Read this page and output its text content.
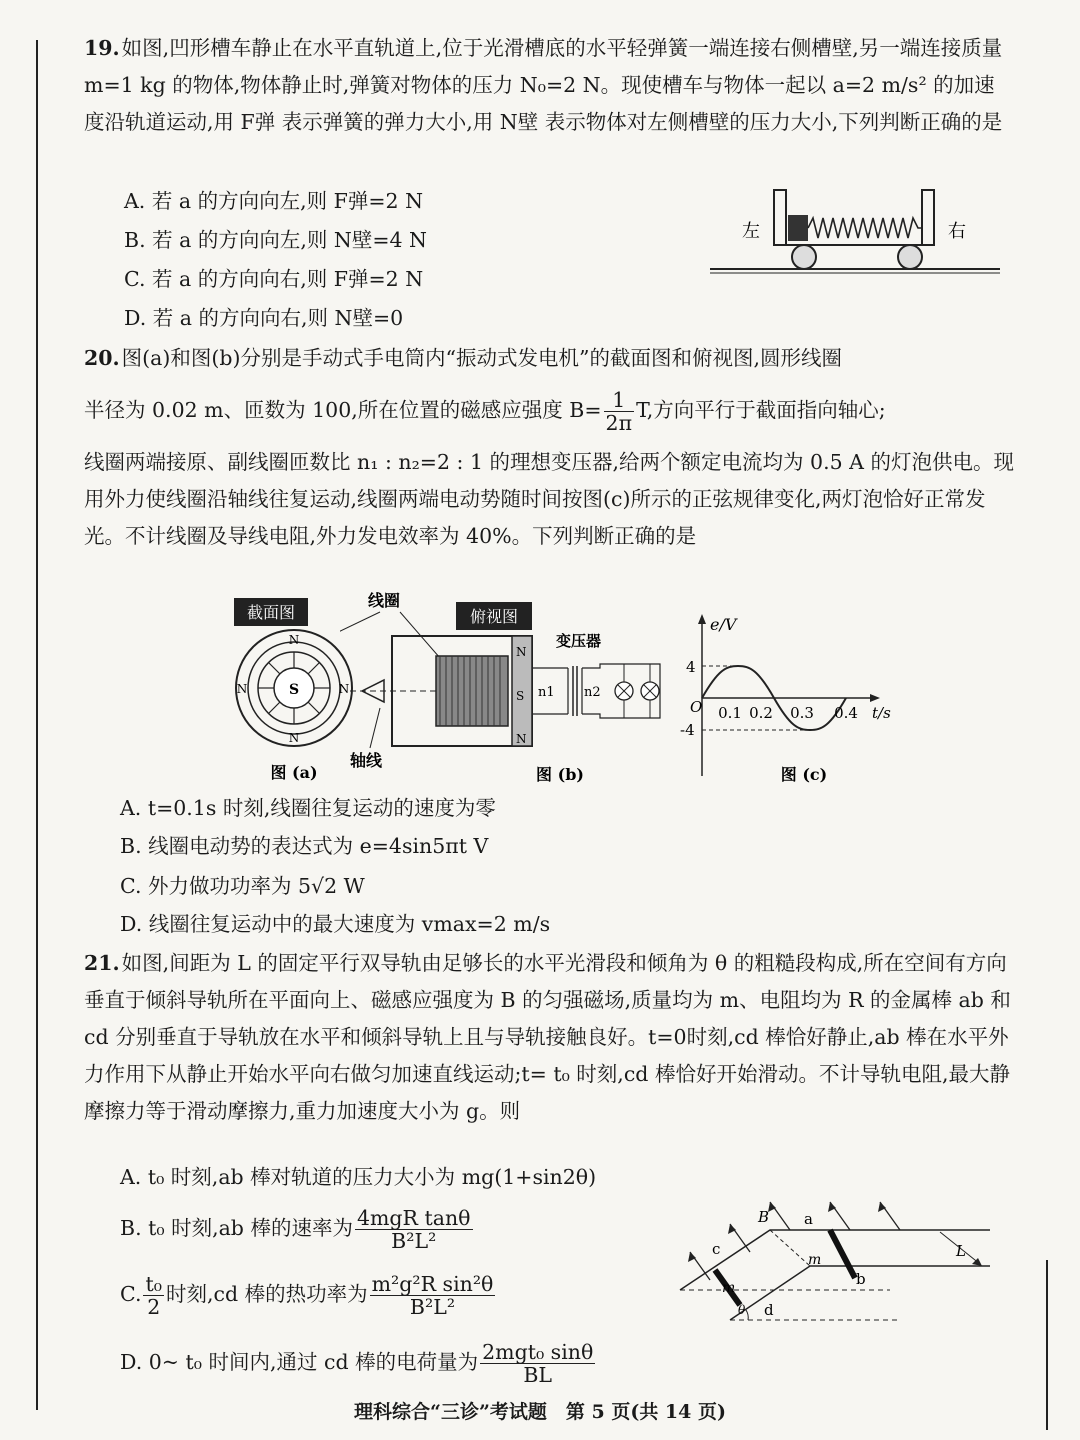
19.如图,凹形槽车静止在水平直轨道上,位于光滑槽底的水平轻弹簧一端连接右侧槽壁,另一端连接质量 m=1 kg 的物体,物体静止时,弹簧对物体的压力 N₀=2 N。现使槽车与物体一起以 a=2 m/s² 的加速度沿轨道运动,用 F弹 表示弹簧的弹力大小,用 N壁 表示物体对左侧槽壁的压力大小,下列判断正确的是
A. 若 a 的方向向左,则 F弹=2 N
B. 若 a 的方向向左,则 N壁=4 N
C. 若 a 的方向向右,则 F弹=2 N
D. 若 a 的方向向右,则 N壁=0
左	右
20.图(a)和图(b)分别是手动式手电筒内“振动式发电机”的截面图和俯视图,圆形线圈
半径为 0.02 m、匝数为 100,所在位置的磁感应强度 $B= \frac{1}{2\pi} T$,方向平行于截面指向轴心;
线圈两端接原、副线圈匝数比 n₁ : n₂=2 : 1 的理想变压器,给两个额定电流均为 0.5 A 的灯泡供电。现用外力使线圈沿轴线往复运动,线圈两端电动势随时间按图(c)所示的正弦规律变化,两灯泡恰好正常发光。不计线圈及导线电阻,外力发电效率为 40%。下列判断正确的是
截面图
S
N
N
N	N
图 (a)
线圈
俯视图
轴线
N
N
S
变压器
n1 n2
图 (b)
e/V
t/s
O
4
-4
0.1 0.2 0.3 0.4
图 (c)
A. t=0.1s 时刻,线圈往复运动的速度为零
B. 线圈电动势的表达式为 e=4sin5πt V
C. 外力做功功率为 5√2 W
D. 线圈往复运动中的最大速度为 vmax=2 m/s
21.如图,间距为 L 的固定平行双导轨由足够长的水平光滑段和倾角为 θ 的粗糙段构成,所在空间有方向垂直于倾斜导轨所在平面向上、磁感应强度为 B 的匀强磁场,质量均为 m、电阻均为 R 的金属棒 ab 和 cd 分别垂直于导轨放在水平和倾斜导轨上且与导轨接触良好。t=0时刻,cd 棒恰好静止,ab 棒在水平外力作用下从静止开始水平向右做匀加速直线运动;t= t₀ 时刻,cd 棒恰好开始滑动。不计导轨电阻,最大静摩擦力等于滑动摩擦力,重力加速度大小为 g。则
A. t₀ 时刻,ab 棒对轨道的压力大小为 mg(1+sin2θ)
B. t₀ 时刻,ab 棒的速率为 $\frac{\text{4mgR tanθ}}{\text{B²L²}}$
C. $\frac{\text{t₀}}{2}$ 时刻,cd 棒的热功率为 $\frac{\text{m²g²R sin²θ}}{\text{B²L²}}$
D. 0~ t₀ 时间内,通过 cd 棒的电荷量为 $\frac{\text{2mgt₀ sinθ}}{BL}$
B a
b
c
d
m
m
L
θ
理科综合“三诊”考试题　第 5 页(共 14 页)
